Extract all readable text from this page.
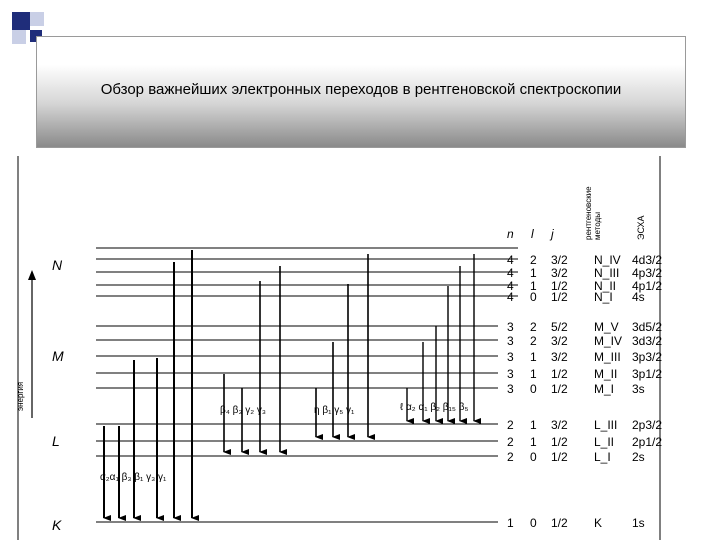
Обзор важнейших электронных переходов в рентгеновской спектроскопии
энергия
N
M
L
K
α₂α₁ β₃ β₁ γ₃ γ₁
β₄ β₃ γ₂ γ₃	η β₁ γ₅ γ₁	ℓ α₂ α₁ β₂ β₁₅ β₅
n l j	рентгеновские методы	ЭСХА
4 2 3/2 N_IV 4d3/2
4 1 3/2 N_III 4p3/2
4 1 1/2 N_II 4p1/2
4 0 1/2 N_I 4s
3 2 5/2 M_V 3d5/2
3 2 3/2 M_IV 3d3/2
3 1 3/2 M_III 3p3/2
3 1 1/2 M_II 3p1/2
3 0 1/2 M_I 3s
2 1 3/2 L_III 2p3/2
2 1 1/2 L_II 2p1/2
2 0 1/2 L_I 2s
1 0 1/2 K 1s
